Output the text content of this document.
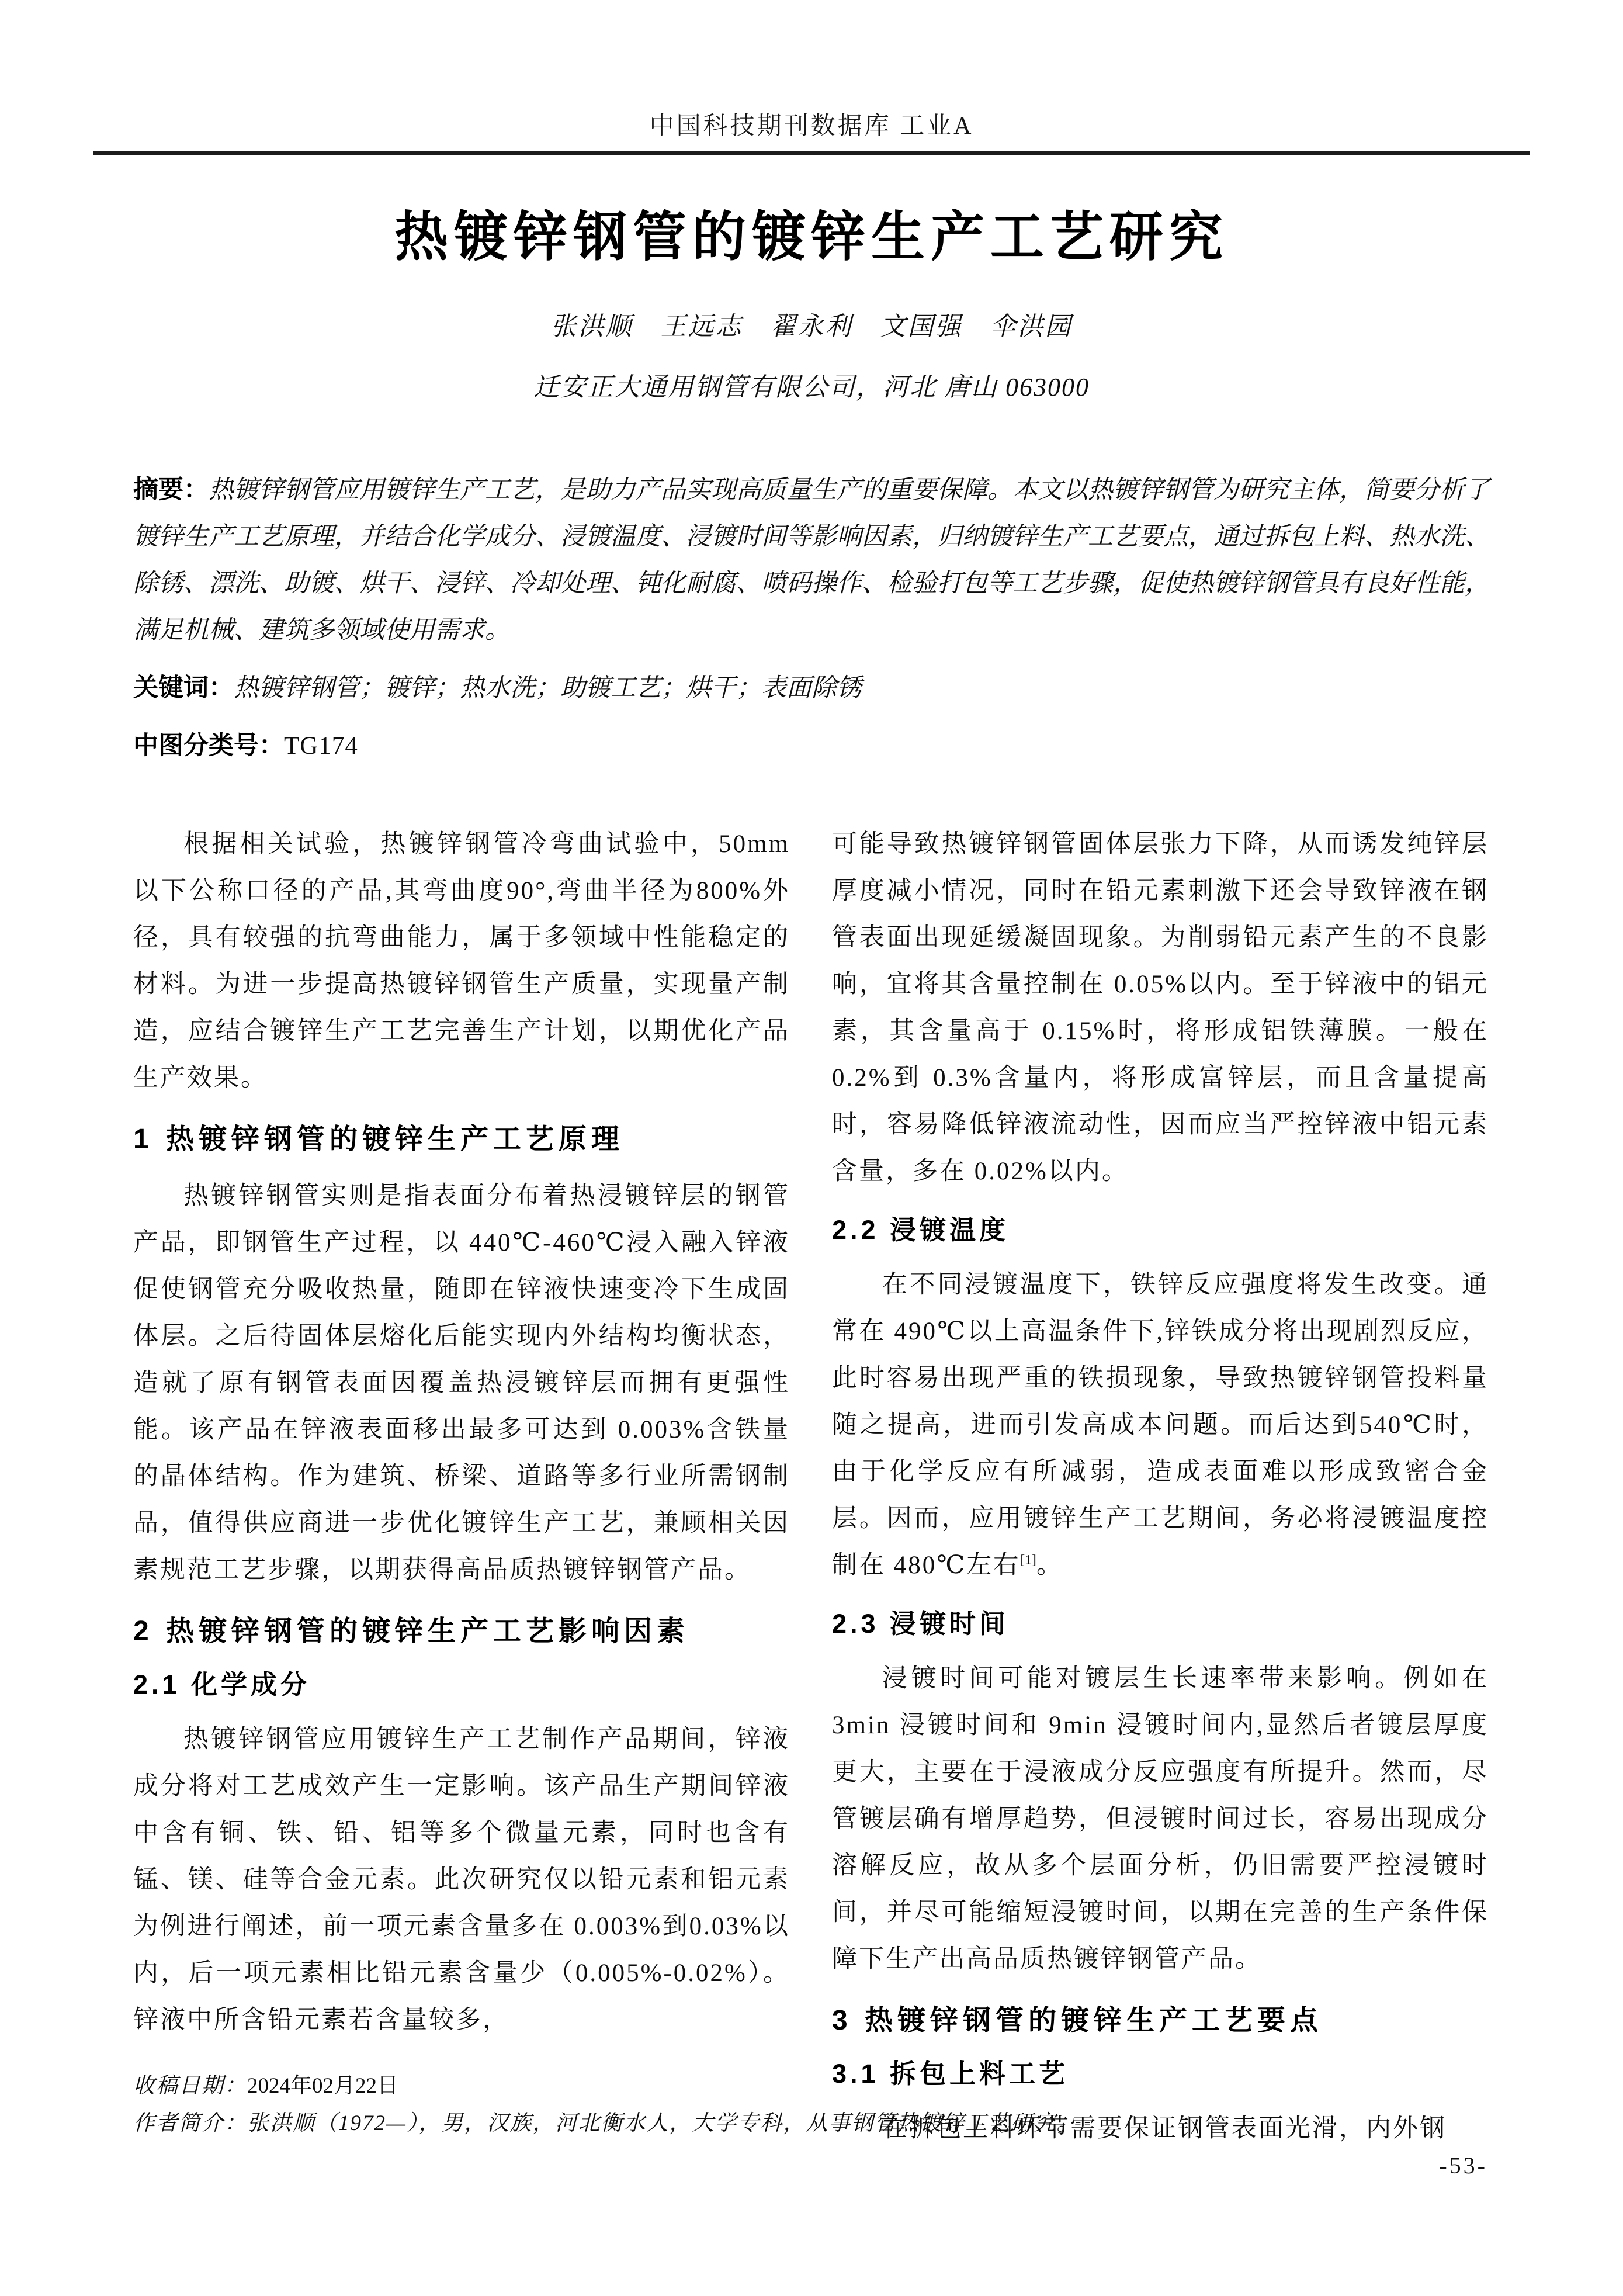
中国科技期刊数据库 工业A
热镀锌钢管的镀锌生产工艺研究
张洪顺　王远志　翟永利　文国强　伞洪园
迁安正大通用钢管有限公司，河北 唐山 063000
摘要：热镀锌钢管应用镀锌生产工艺，是助力产品实现高质量生产的重要保障。本文以热镀锌钢管为研究主体，简要分析了镀锌生产工艺原理，并结合化学成分、浸镀温度、浸镀时间等影响因素，归纳镀锌生产工艺要点，通过拆包上料、热水洗、除锈、漂洗、助镀、烘干、浸锌、冷却处理、钝化耐腐、喷码操作、检验打包等工艺步骤，促使热镀锌钢管具有良好性能，满足机械、建筑多领域使用需求。
关键词：热镀锌钢管；镀锌；热水洗；助镀工艺；烘干；表面除锈
中图分类号：TG174

根据相关试验，热镀锌钢管冷弯曲试验中，50mm以下公称口径的产品,其弯曲度90°,弯曲半径为800%外径，具有较强的抗弯曲能力，属于多领域中性能稳定的材料。为进一步提高热镀锌钢管生产质量，实现量产制造，应结合镀锌生产工艺完善生产计划，以期优化产品生产效果。

1 热镀锌钢管的镀锌生产工艺原理

热镀锌钢管实则是指表面分布着热浸镀锌层的钢管产品，即钢管生产过程，以 440℃-460℃浸入融入锌液促使钢管充分吸收热量，随即在锌液快速变冷下生成固体层。之后待固体层熔化后能实现内外结构均衡状态，造就了原有钢管表面因覆盖热浸镀锌层而拥有更强性能。该产品在锌液表面移出最多可达到 0.003%含铁量的晶体结构。作为建筑、桥梁、道路等多行业所需钢制品，值得供应商进一步优化镀锌生产工艺，兼顾相关因素规范工艺步骤，以期获得高品质热镀锌钢管产品。

2 热镀锌钢管的镀锌生产工艺影响因素
2.1 化学成分

热镀锌钢管应用镀锌生产工艺制作产品期间，锌液成分将对工艺成效产生一定影响。该产品生产期间锌液中含有铜、铁、铅、铝等多个微量元素，同时也含有锰、镁、硅等合金元素。此次研究仅以铅元素和铝元素为例进行阐述，前一项元素含量多在 0.003%到0.03%以内，后一项元素相比铅元素含量少（0.005%-0.02%）。锌液中所含铅元素若含量较多，

可能导致热镀锌钢管固体层张力下降，从而诱发纯锌层厚度减小情况，同时在铅元素刺激下还会导致锌液在钢管表面出现延缓凝固现象。为削弱铅元素产生的不良影响，宜将其含量控制在 0.05%以内。至于锌液中的铝元素，其含量高于 0.15%时，将形成铝铁薄膜。一般在 0.2%到 0.3%含量内，将形成富锌层，而且含量提高时，容易降低锌液流动性，因而应当严控锌液中铝元素含量，多在 0.02%以内。

2.2 浸镀温度

在不同浸镀温度下，铁锌反应强度将发生改变。通常在 490℃以上高温条件下,锌铁成分将出现剧烈反应，此时容易出现严重的铁损现象，导致热镀锌钢管投料量随之提高，进而引发高成本问题。而后达到540℃时，由于化学反应有所减弱，造成表面难以形成致密合金层。因而，应用镀锌生产工艺期间，务必将浸镀温度控制在 480℃左右[1]。

2.3 浸镀时间

浸镀时间可能对镀层生长速率带来影响。例如在3min 浸镀时间和 9min 浸镀时间内,显然后者镀层厚度更大，主要在于浸液成分反应强度有所提升。然而，尽管镀层确有增厚趋势，但浸镀时间过长，容易出现成分溶解反应，故从多个层面分析，仍旧需要严控浸镀时间，并尽可能缩短浸镀时间，以期在完善的生产条件保障下生产出高品质热镀锌钢管产品。

3 热镀锌钢管的镀锌生产工艺要点
3.1 拆包上料工艺

在拆包上料环节需要保证钢管表面光滑，内外钢

收稿日期：2024年02月22日
作者简介：张洪顺（1972—），男，汉族，河北衡水人，大学专科，从事钢管热镀锌工艺研究。
-53-
